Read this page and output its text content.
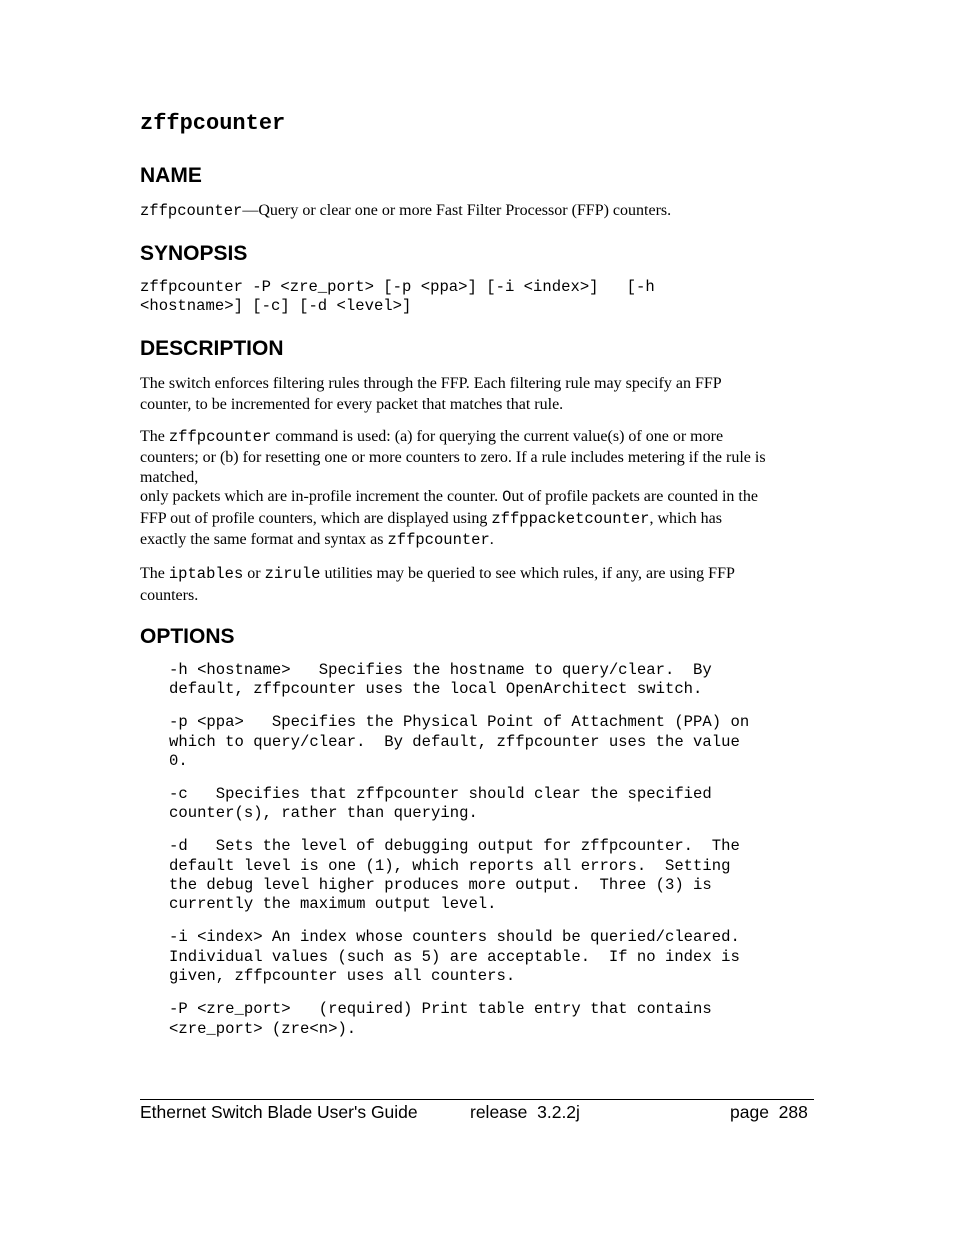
zffpcounter
NAME

zffpcounter—Query or clear one or more Fast Filter Processor (FFP) counters.

SYNOPSIS

zffpcounter -P <zre_port> [-p <ppa>] [-i <index>]   [-h

<hostname>] [-c] [-d <level>]

DESCRIPTION

The switch enforces filtering rules through the FFP. Each filtering rule may specify an FFP

counter, to be incremented for every packet that matches that rule.

The zffpcounter command is used: (a) for querying the current value(s) of one or more

counters; or (b) for resetting one or more counters to zero. If a rule includes metering if the rule is

matched,

only packets which are in-profile increment the counter. Out of profile packets are counted in the

FFP out of profile counters, which are displayed using zffppacketcounter, which has

exactly the same format and syntax as zffpcounter.

The iptables or zirule utilities may be queried to see which rules, if any, are using FFP

counters.

OPTIONS

-h <hostname>   Specifies the hostname to query/clear.  By

default, zffpcounter uses the local OpenArchitect switch.

-p <ppa>   Specifies the Physical Point of Attachment (PPA) on

which to query/clear.  By default, zffpcounter uses the value

0.

-c   Specifies that zffpcounter should clear the specified

counter(s), rather than querying.

-d   Sets the level of debugging output for zffpcounter.  The

default level is one (1), which reports all errors.  Setting

the debug level higher produces more output.  Three (3) is

currently the maximum output level.

-i <index> An index whose counters should be queried/cleared.

Individual values (such as 5) are acceptable.  If no index is

given, zffpcounter uses all counters.

-P <zre_port>   (required) Print table entry that contains

<zre_port> (zre<n>).

Ethernet Switch Blade User's Guide	release  3.2.2j	page  288
